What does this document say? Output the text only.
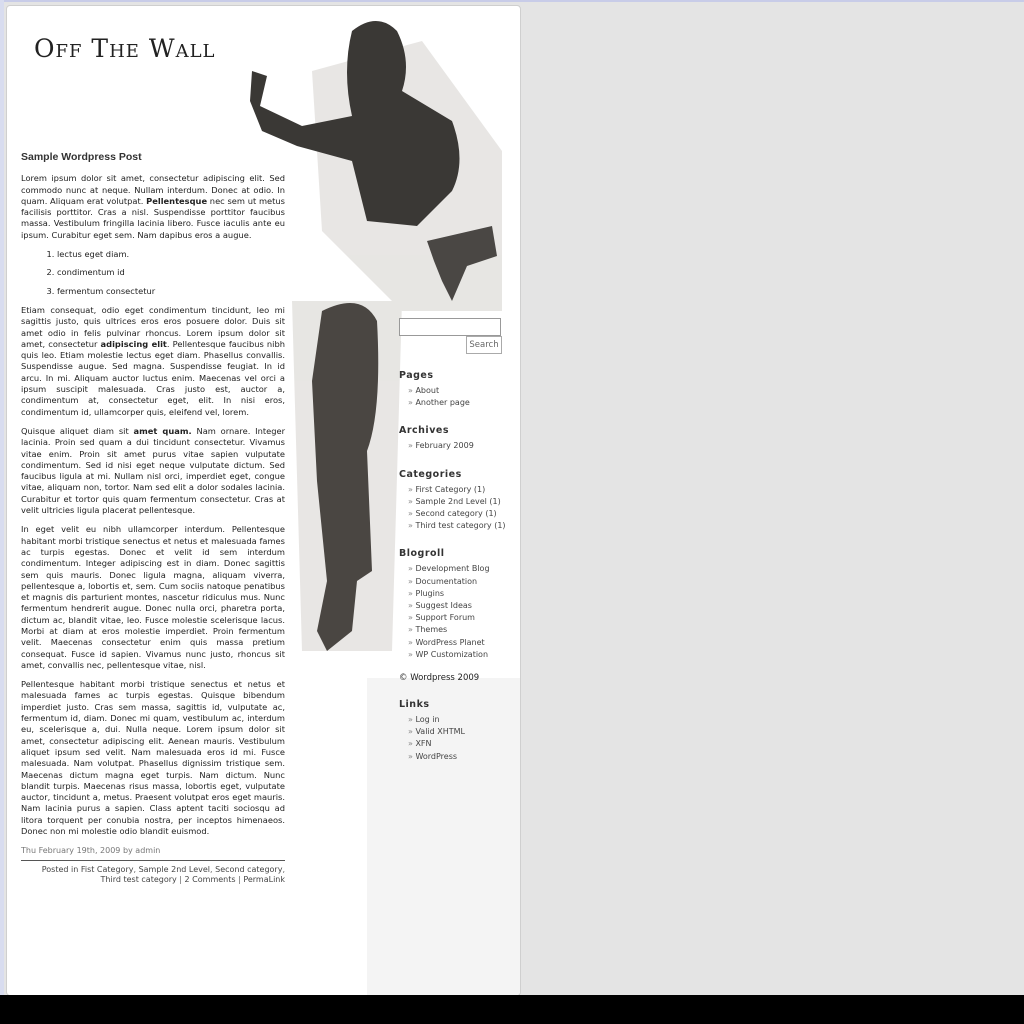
Off The Wall
Sample Wordpress Post

Lorem ipsum dolor sit amet, consectetur adipiscing elit. Sed commodo nunc at neque. Nullam interdum. Donec at odio. In quam. Aliquam erat volutpat. Pellentesque nec sem ut metus facilisis porttitor. Cras a nisl. Suspendisse porttitor faucibus massa. Vestibulum fringilla lacinia libero. Fusce iaculis ante eu ipsum. Curabitur eget sem. Nam dapibus eros a augue.

1. lectus eget diam.
2. condimentum id
3. fermentum consectetur

Etiam consequat, odio eget condimentum tincidunt, leo mi sagittis justo, quis ultrices eros eros posuere dolor. Duis sit amet odio in felis pulvinar rhoncus. Lorem ipsum dolor sit amet, consectetur adipiscing elit. Pellentesque faucibus nibh quis leo. Etiam molestie lectus eget diam. Phasellus convallis. Suspendisse augue. Sed magna. Suspendisse feugiat. In id arcu. In mi. Aliquam auctor luctus enim. Maecenas vel orci a ipsum suscipit malesuada. Cras justo est, auctor a, condimentum at, consectetur eget, elit. In nisi eros, condimentum id, ullamcorper quis, eleifend vel, lorem.

Quisque aliquet diam sit amet quam. Nam ornare. Integer lacinia. Proin sed quam a dui tincidunt consectetur. Vivamus vitae enim. Proin sit amet purus vitae sapien vulputate condimentum. Sed id nisi eget neque vulputate dictum. Sed faucibus ligula at mi. Nullam nisl orci, imperdiet eget, congue vitae, aliquam non, tortor. Nam sed elit a dolor sodales lacinia. Curabitur et tortor quis quam fermentum consectetur. Cras at velit ultricies ligula placerat pellentesque.

In eget velit eu nibh ullamcorper interdum. Pellentesque habitant morbi tristique senectus et netus et malesuada fames ac turpis egestas. Donec et velit id sem interdum condimentum. Integer adipiscing est in diam. Donec sagittis sem quis mauris. Donec ligula magna, aliquam viverra, pellentesque a, lobortis et, sem. Cum sociis natoque penatibus et magnis dis parturient montes, nascetur ridiculus mus. Nunc fermentum hendrerit augue. Donec nulla orci, pharetra porta, dictum ac, blandit vitae, leo. Fusce molestie scelerisque lacus. Morbi at diam at eros molestie imperdiet. Proin fermentum velit. Maecenas consectetur enim quis massa pretium consequat. Fusce id sapien. Vivamus nunc justo, rhoncus sit amet, convallis nec, pellentesque vitae, nisl.

Pellentesque habitant morbi tristique senectus et netus et malesuada fames ac turpis egestas. Quisque bibendum imperdiet justo. Cras sem massa, sagittis id, vulputate ac, fermentum id, diam. Donec mi quam, vestibulum ac, interdum eu, scelerisque a, dui. Nulla neque. Lorem ipsum dolor sit amet, consectetur adipiscing elit. Aenean mauris. Vestibulum aliquet ipsum sed velit. Nam malesuada eros id mi. Fusce malesuada. Nam volutpat. Phasellus dignissim tristique sem. Maecenas dictum magna eget turpis. Nam dictum. Nunc blandit turpis. Maecenas risus massa, lobortis eget, vulputate auctor, tincidunt a, metus. Praesent volutpat eros eget mauris. Nam lacinia purus a sapien. Class aptent taciti sociosqu ad litora torquent per conubia nostra, per inceptos himenaeos. Donec non mi molestie odio blandit euismod.

Thu February 19th, 2009 by admin
Posted in Fist Category, Sample 2nd Level, Second category, Third test category | 2 Comments | PermaLink
Search
Pages
» About
» Another page
Archives
» February 2009
Categories
» First Category (1)
» Sample 2nd Level (1)
» Second category (1)
» Third test category (1)
Blogroll
» Development Blog
» Documentation
» Plugins
» Suggest Ideas
» Support Forum
» Themes
» WordPress Planet
» WP Customization
© Wordpress 2009
Links
» Log in
» Valid XHTML
» XFN
» WordPress
